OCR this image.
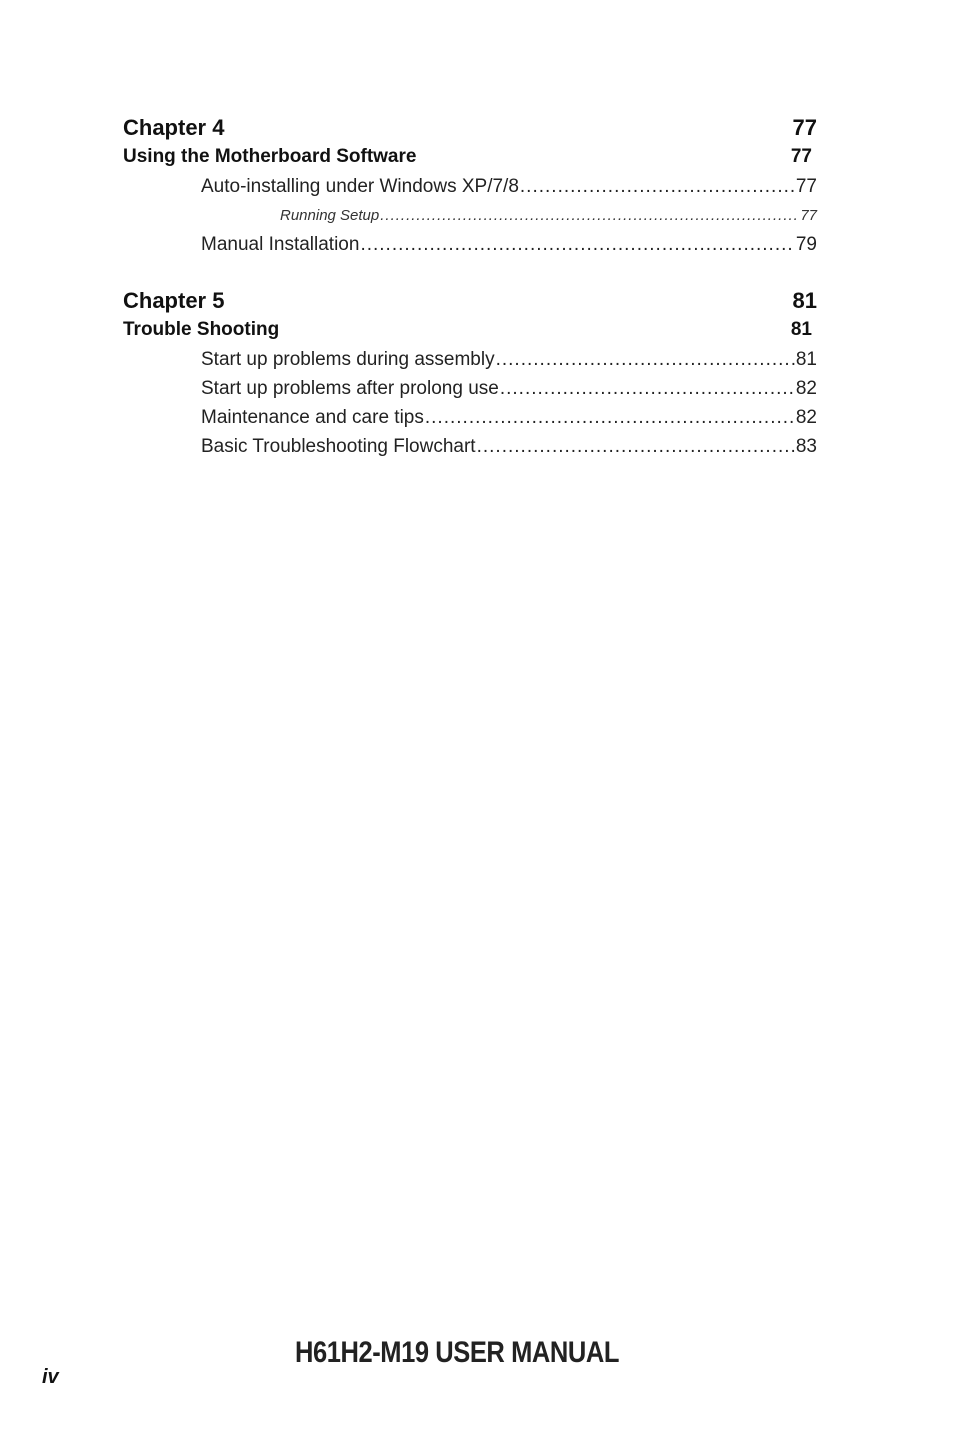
Chapter 4	77
Using the Motherboard Software	77
Auto-installing under Windows XP/7/8 .....	77
Running Setup .....	77
Manual Installation .....	79
Chapter 5	81
Trouble Shooting	81
Start up problems during assembly .....	81
Start up problems after prolong use .....	82
Maintenance and care tips .....	82
Basic Troubleshooting Flowchart .....	83
H61H2-M19 USER MANUAL
iv
